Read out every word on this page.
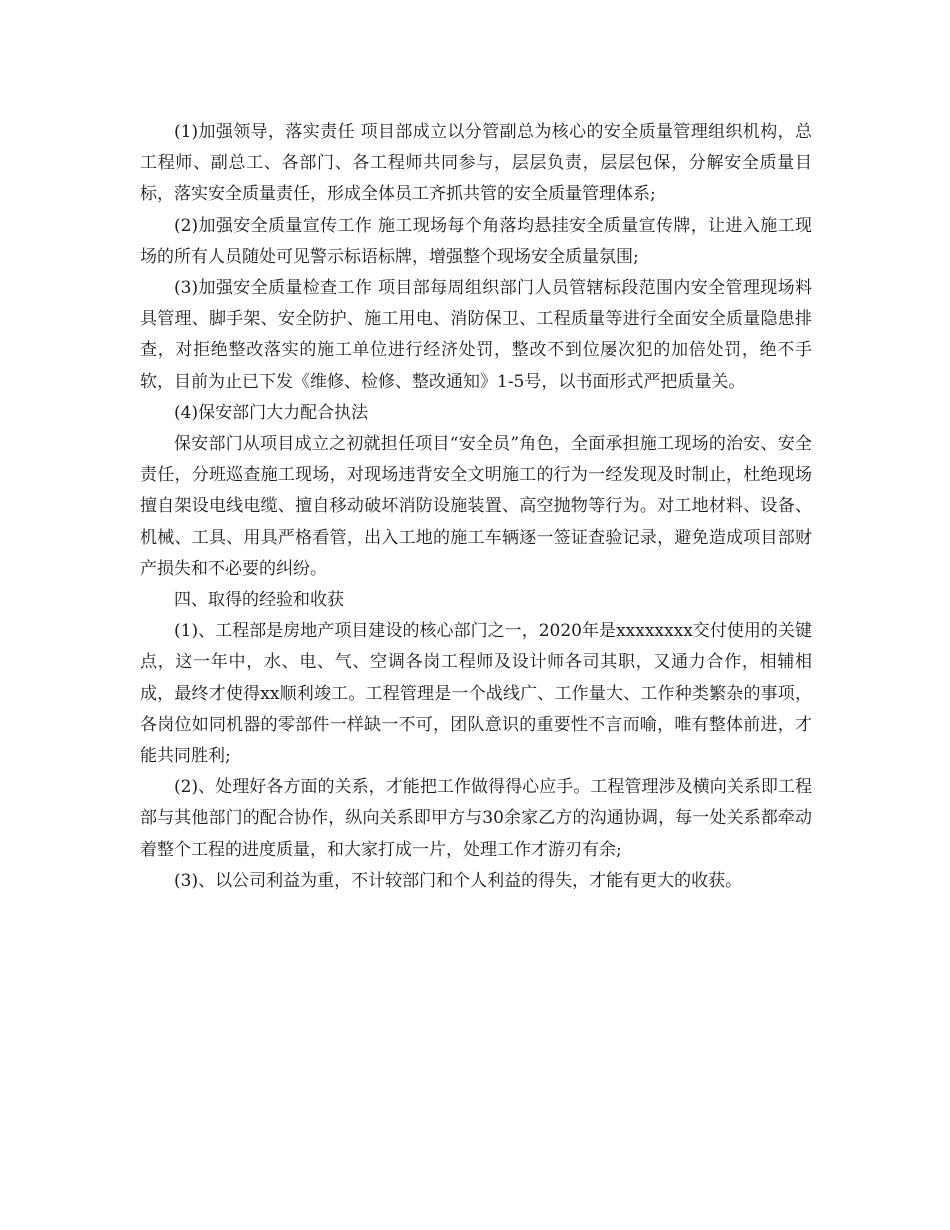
(1)加强领导，落实责任 项目部成立以分管副总为核心的安全质量管理组织机构，总工程师、副总工、各部门、各工程师共同参与，层层负责，层层包保，分解安全质量目标，落实安全质量责任，形成全体员工齐抓共管的安全质量管理体系;

(2)加强安全质量宣传工作 施工现场每个角落均悬挂安全质量宣传牌，让进入施工现场的所有人员随处可见警示标语标牌，增强整个现场安全质量氛围;

(3)加强安全质量检查工作 项目部每周组织部门人员管辖标段范围内安全管理现场料具管理、脚手架、安全防护、施工用电、消防保卫、工程质量等进行全面安全质量隐患排查，对拒绝整改落实的施工单位进行经济处罚，整改不到位屡次犯的加倍处罚，绝不手软，目前为止已下发《维修、检修、整改通知》1-5号，以书面形式严把质量关。

(4)保安部门大力配合执法

保安部门从项目成立之初就担任项目“安全员”角色，全面承担施工现场的治安、安全责任，分班巡查施工现场，对现场违背安全文明施工的行为一经发现及时制止，杜绝现场擅自架设电线电缆、擅自移动破坏消防设施装置、高空抛物等行为。对工地材料、设备、机械、工具、用具严格看管，出入工地的施工车辆逐一签证查验记录，避免造成项目部财产损失和不必要的纠纷。

四、取得的经验和收获

(1)、工程部是房地产项目建设的核心部门之一，2020年是xxxxxxxx交付使用的关键点，这一年中，水、电、气、空调各岗工程师及设计师各司其职，又通力合作，相辅相成，最终才使得xx顺利竣工。工程管理是一个战线广、工作量大、工作种类繁杂的事项，各岗位如同机器的零部件一样缺一不可，团队意识的重要性不言而喻，唯有整体前进，才能共同胜利;

(2)、处理好各方面的关系，才能把工作做得得心应手。工程管理涉及横向关系即工程部与其他部门的配合协作，纵向关系即甲方与30余家乙方的沟通协调，每一处关系都牵动着整个工程的进度质量，和大家打成一片，处理工作才游刃有余;

(3)、以公司利益为重，不计较部门和个人利益的得失，才能有更大的收获。
